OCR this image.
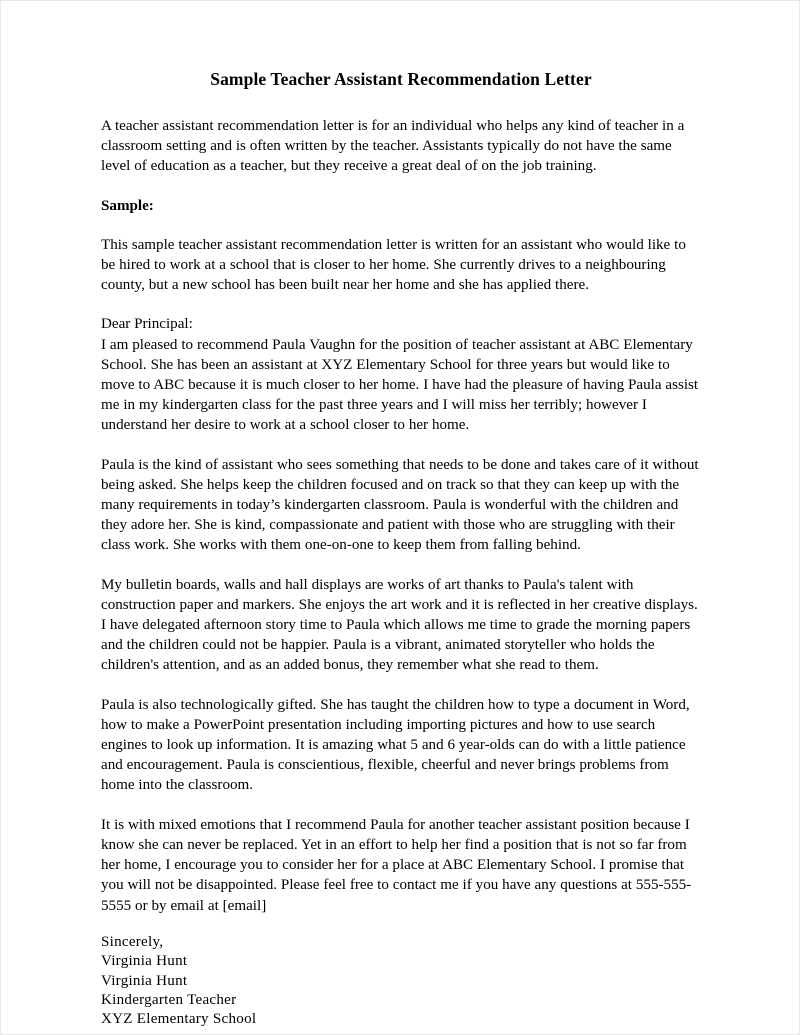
Sample Teacher Assistant Recommendation Letter

A teacher assistant recommendation letter is for an individual who helps any kind of teacher in a classroom setting and is often written by the teacher. Assistants typically do not have the same level of education as a teacher, but they receive a great deal of on the job training.

Sample:

This sample teacher assistant recommendation letter is written for an assistant who would like to be hired to work at a school that is closer to her home. She currently drives to a neighbouring county, but a new school has been built near her home and she has applied there.

Dear Principal:

I am pleased to recommend Paula Vaughn for the position of teacher assistant at ABC Elementary School. She has been an assistant at XYZ Elementary School for three years but would like to move to ABC because it is much closer to her home. I have had the pleasure of having Paula assist me in my kindergarten class for the past three years and I will miss her terribly; however I understand her desire to work at a school closer to her home.

Paula is the kind of assistant who sees something that needs to be done and takes care of it without being asked. She helps keep the children focused and on track so that they can keep up with the many requirements in today’s kindergarten classroom. Paula is wonderful with the children and they adore her. She is kind, compassionate and patient with those who are struggling with their class work. She works with them one-on-one to keep them from falling behind.

My bulletin boards, walls and hall displays are works of art thanks to Paula's talent with construction paper and markers. She enjoys the art work and it is reflected in her creative displays. I have delegated afternoon story time to Paula which allows me time to grade the morning papers and the children could not be happier. Paula is a vibrant, animated storyteller who holds the children's attention, and as an added bonus, they remember what she read to them.

Paula is also technologically gifted. She has taught the children how to type a document in Word, how to make a PowerPoint presentation including importing pictures and how to use search engines to look up information. It is amazing what 5 and 6 year-olds can do with a little patience and encouragement. Paula is conscientious, flexible, cheerful and never brings problems from home into the classroom.

It is with mixed emotions that I recommend Paula for another teacher assistant position because I know she can never be replaced. Yet in an effort to help her find a position that is not so far from her home, I encourage you to consider her for a place at ABC Elementary School. I promise that you will not be disappointed. Please feel free to contact me if you have any questions at 555-555-5555 or by email at [email]

Sincerely,

Virginia Hunt

Virginia Hunt

Kindergarten Teacher

XYZ Elementary School
